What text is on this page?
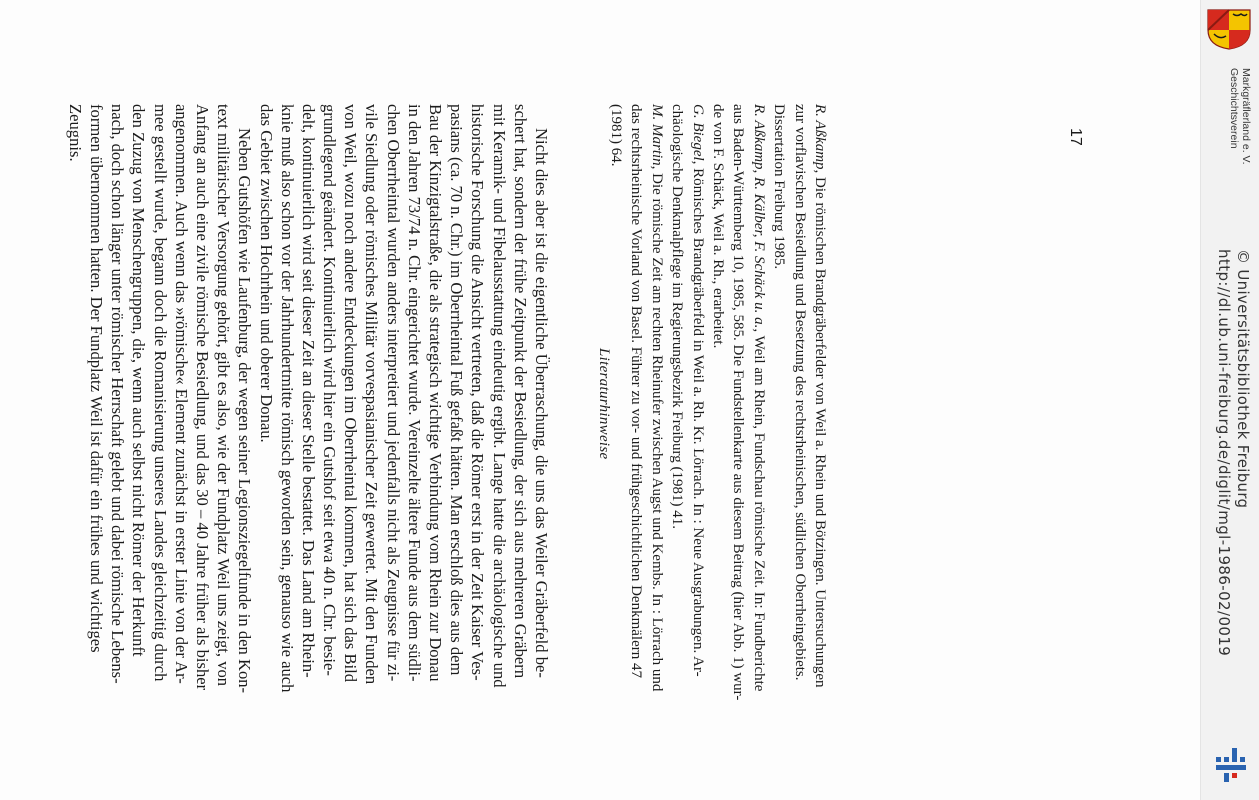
Nicht dies aber ist die eigentliche Überraschung, die uns das Weiler Gräberfeld be-
schert hat, sondern der frühe Zeitpunkt der Besiedlung, der sich aus mehreren Gräbern
mit Keramik- und Fibelausstattung eindeutig ergibt. Lange hatte die archäologische und
historische Forschung die Ansicht vertreten, daß die Römer erst in der Zeit Kaiser Ves-
pasians (ca. 70 n. Chr.) im Oberrheintal Fuß gefaßt hätten. Man erschloß dies aus dem
Bau der Kinzigtalstraße, die als strategisch wichtige Verbindung vom Rhein zur Donau
in den Jahren 73/74 n. Chr. eingerichtet wurde. Vereinzelte ältere Funde aus dem südli-
chen Oberrheintal wurden anders interpretiert und jedenfalls nicht als Zeugnisse für zi-
vile Siedlung oder römisches Militär vorvespasianischer Zeit gewertet. Mit den Funden
von Weil, wozu noch andere Entdeckungen im Oberrheintal kommen, hat sich das Bild
grundlegend geändert. Kontinuierlich wird hier ein Gutshof seit etwa 40 n. Chr. besie-
delt, kontinuierlich wird seit dieser Zeit an dieser Stelle bestattet. Das Land am Rhein-
knie muß also schon vor der Jahrhundertmitte römisch geworden sein, genauso wie auch
das Gebiet zwischen Hochrhein und oberer Donau.
Neben Gutshöfen wie Laufenburg, der wegen seiner Legionsziegelfunde in den Kon-
text militärischer Versorgung gehört, gibt es also, wie der Fundplatz Weil uns zeigt, von
Anfang an auch eine zivile römische Besiedlung, und das 30 – 40 Jahre früher als bisher
angenommen. Auch wenn das »römische« Element zunächst in erster Linie von der Ar-
mee gestellt wurde, begann doch die Romanisierung unseres Landes gleichzeitig durch
den Zuzug von Menschengruppen, die, wenn auch selbst nicht Römer der Herkunft
nach, doch schon länger unter römischer Herrschaft gelebt und dabei römische Lebens-
formen übernommen hatten. Der Fundplatz Weil ist dafür ein frühes und wichtiges
Zeugnis.
Literaturhinweise
R. Aßkamp, Die römischen Brandgräberfelder von Weil a. Rhein und Bötzingen. Untersuchungen
zur vorflavischen Besiedlung und Besetzung des rechtsrheinischen, südlichen Oberrheingebiets.
Dissertation Freiburg 1985.
R. Aßkamp, R. Kälber, F. Schäck u. a., Weil am Rhein, Fundschau römische Zeit. In: Fundberichte
aus Baden-Württemberg 10, 1985, 585. Die Fundstellenkarte aus diesem Beitrag (hier Abb. 1) wur-
de von F. Schäck, Weil a. Rh., erarbeitet.
G. Biegel, Römisches Brandgräberfeld in Weil a. Rh. Kr. Lörrach. In : Neue Ausgrabungen. Ar-
chäologische Denkmalpflege im Regierungsbezirk Freiburg (1981) 41.
M. Martin, Die römische Zeit am rechten Rheinufer zwischen Augst und Kembs. In : Lörrach und
das rechtsrheinische Vorland von Basel. Führer zu vor- und frühgeschichtlichen Denkmälern 47
(1981) 64.	17	Geschichtsverein Markgräflerland e. V.
http://dl.ub.uni-freiburg.de/diglit/mgl-1986-02/0019 © Universitätsbibliothek Freiburg
